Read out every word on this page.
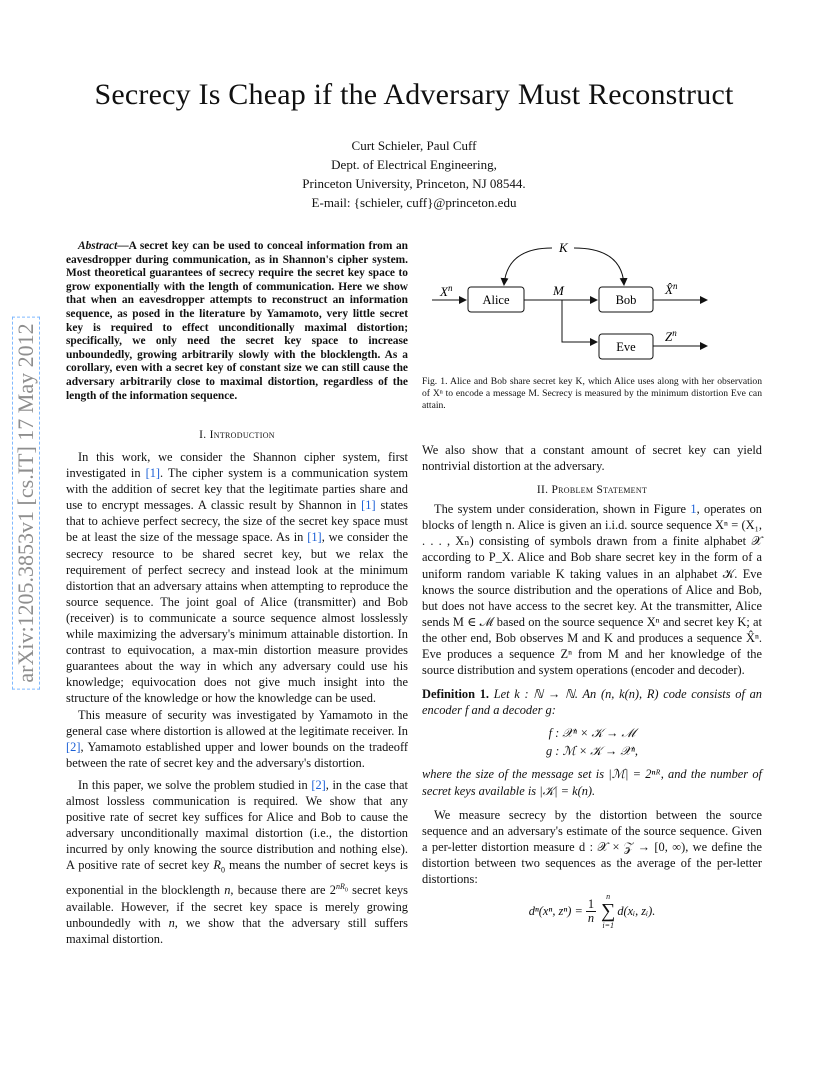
Secrecy Is Cheap if the Adversary Must Reconstruct
Curt Schieler, Paul Cuff
Dept. of Electrical Engineering,
Princeton University, Princeton, NJ 08544.
E-mail: {schieler, cuff}@princeton.edu
arXiv:1205.3853v1 [cs.IT] 17 May 2012
Abstract—A secret key can be used to conceal information from an eavesdropper during communication, as in Shannon's cipher system. Most theoretical guarantees of secrecy require the secret key space to grow exponentially with the length of communication. Here we show that when an eavesdropper attempts to reconstruct an information sequence, as posed in the literature by Yamamoto, very little secret key is required to effect unconditionally maximal distortion; specifically, we only need the secret key space to increase unboundedly, growing arbitrarily slowly with the blocklength. As a corollary, even with a secret key of constant size we can still cause the adversary arbitrarily close to maximal distortion, regardless of the length of the information sequence.
I. Introduction

In this work, we consider the Shannon cipher system, first investigated in [1]. The cipher system is a communication system with the addition of secret key that the legitimate parties share and use to encrypt messages. A classic result by Shannon in [1] states that to achieve perfect secrecy, the size of the secret key space must be at least the size of the message space. As in [1], we consider the secrecy resource to be shared secret key, but we relax the requirement of perfect secrecy and instead look at the minimum distortion that an adversary attains when attempting to reproduce the source sequence. The joint goal of Alice (transmitter) and Bob (receiver) is to communicate a source sequence almost losslessly while maximizing the adversary's minimum attainable distortion. In contrast to equivocation, a max-min distortion measure provides guarantees about the way in which any adversary could use his knowledge; equivocation does not give much insight into the structure of the knowledge or how the knowledge can be used.

This measure of security was investigated by Yamamoto in the general case where distortion is allowed at the legitimate receiver. In [2], Yamamoto established upper and lower bounds on the tradeoff between the rate of secret key and the adversary's distortion.

In this paper, we solve the problem studied in [2], in the case that almost lossless communication is required. We show that any positive rate of secret key suffices for Alice and Bob to cause the adversary unconditionally maximal distortion (i.e., the distortion incurred by only knowing the source distribution and nothing else). A positive rate of secret key $R_0$ means the number of secret keys is exponential in the blocklength n, because there are $2^{nR_0}$ secret keys available. However, if the secret key space is merely growing unboundedly with n, we show that the adversary still suffers maximal distortion.

K
$X^n$
Alice
M
Bob
X̂$^n$
Eve
$Z^n$
Fig. 1. Alice and Bob share secret key K, which Alice uses along with her observation of Xⁿ to encode a message M. Secrecy is measured by the minimum distortion Eve can attain.

We also show that a constant amount of secret key can yield nontrivial distortion at the adversary.

II. Problem Statement

The system under consideration, shown in Figure 1, operates on blocks of length n. Alice is given an i.i.d. source sequence Xⁿ = (X₁, . . . , Xₙ) consisting of symbols drawn from a finite alphabet 𝒳 according to P_X. Alice and Bob share secret key in the form of a uniform random variable K taking values in an alphabet 𝒦. Eve knows the source distribution and the operations of Alice and Bob, but does not have access to the secret key. At the transmitter, Alice sends M ∈ ℳ based on the source sequence Xⁿ and secret key K; at the other end, Bob observes M and K and produces a sequence X̂ⁿ. Eve produces a sequence Zⁿ from M and her knowledge of the source distribution and system operations (encoder and decoder).

Definition 1. Let k : ℕ → ℕ. An (n, k(n), R) code consists of an encoder f and a decoder g:

f : 𝒳ⁿ × 𝒦 → ℳ
g : ℳ × 𝒦 → 𝒳ⁿ,

where the size of the message set is |ℳ| = 2ⁿᴿ, and the number of secret keys available is |𝒦| = k(n).

We measure secrecy by the distortion between the source sequence and an adversary's estimate of the source sequence. Given a per-letter distortion measure d : 𝒳 × 𝒵 → [0, ∞), we define the distortion between two sequences as the average of the per-letter distortions:

dⁿ(xⁿ, $z^n) = \frac{1}{n}$
n
∑
i=1
d(xᵢ, zᵢ).
